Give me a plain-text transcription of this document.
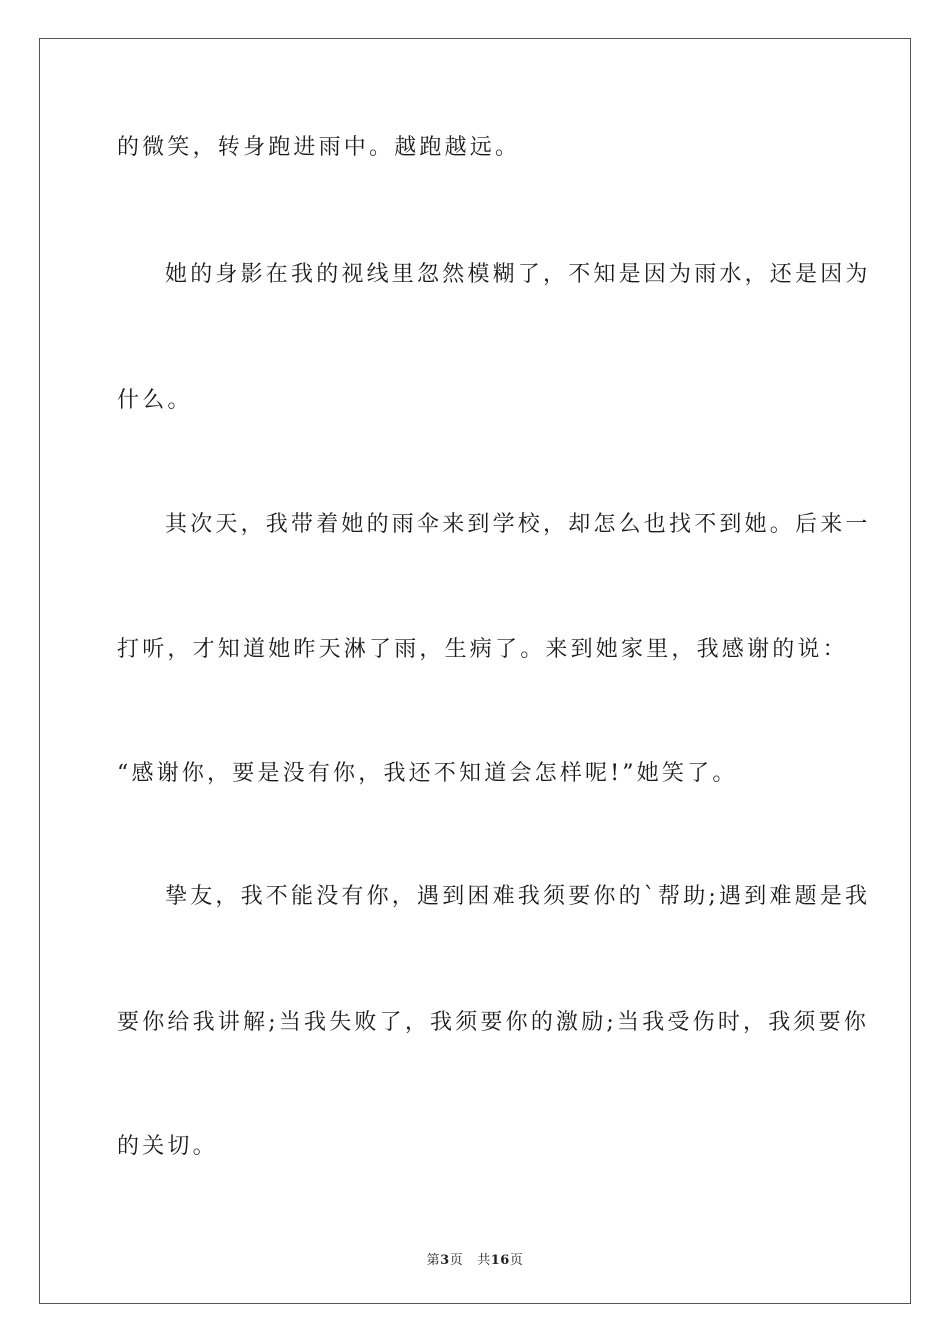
的微笑，转身跑进雨中。越跑越远。
她的身影在我的视线里忽然模糊了，不知是因为雨水，还是因为
什么。
其次天，我带着她的雨伞来到学校，却怎么也找不到她。后来一
打听，才知道她昨天淋了雨，生病了。来到她家里，我感谢的说：
“感谢你，要是没有你，我还不知道会怎样呢!”她笑了。
挚友，我不能没有你，遇到困难我须要你的`帮助;遇到难题是我
要你给我讲解;当我失败了，我须要你的激励;当我受伤时，我须要你
的关切。
第3页 共16页
